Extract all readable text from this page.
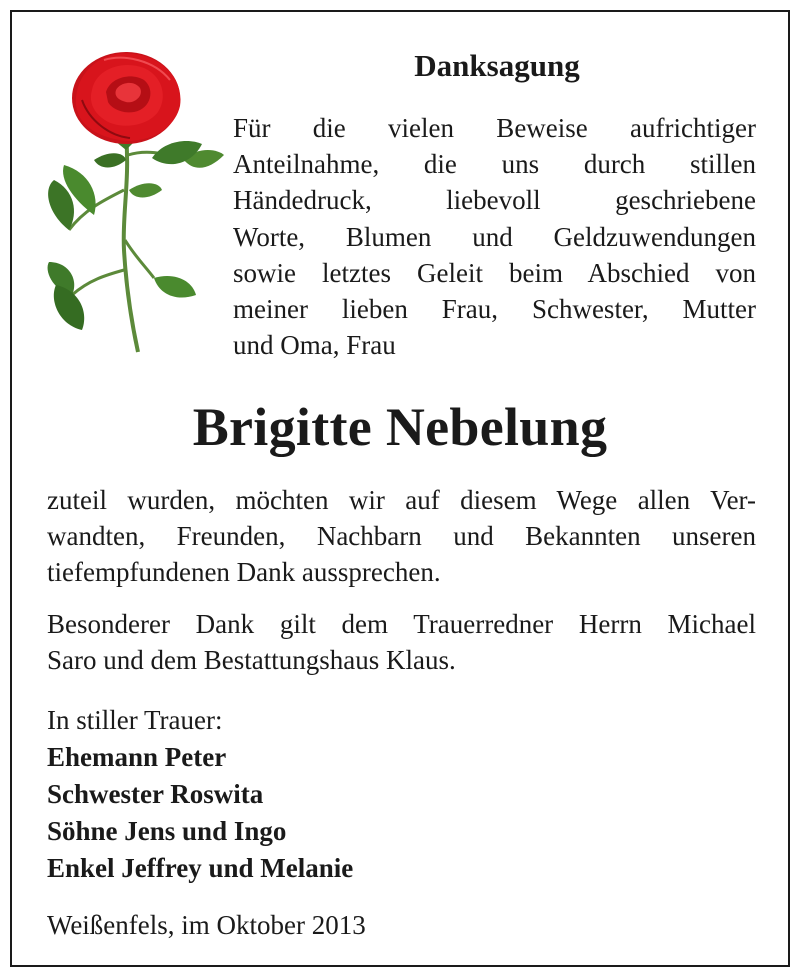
Danksagung

Für die vielen Beweise aufrichtiger
Anteilnahme, die uns durch stillen
Händedruck, liebevoll geschriebene
Worte, Blumen und Geldzuwendungen
sowie letztes Geleit beim Abschied von
meiner lieben Frau, Schwester, Mutter
und Oma, Frau

Brigitte Nebelung

zuteil wurden, möchten wir auf diesem Wege allen Ver-
wandten, Freunden, Nachbarn und Bekannten unseren
tiefempfundenen Dank aussprechen.

Besonderer Dank gilt dem Trauerredner Herrn Michael
Saro und dem Bestattungshaus Klaus.

In stiller Trauer:
Ehemann Peter
Schwester Roswita
Söhne Jens und Ingo
Enkel Jeffrey und Melanie

Weißenfels, im Oktober 2013
